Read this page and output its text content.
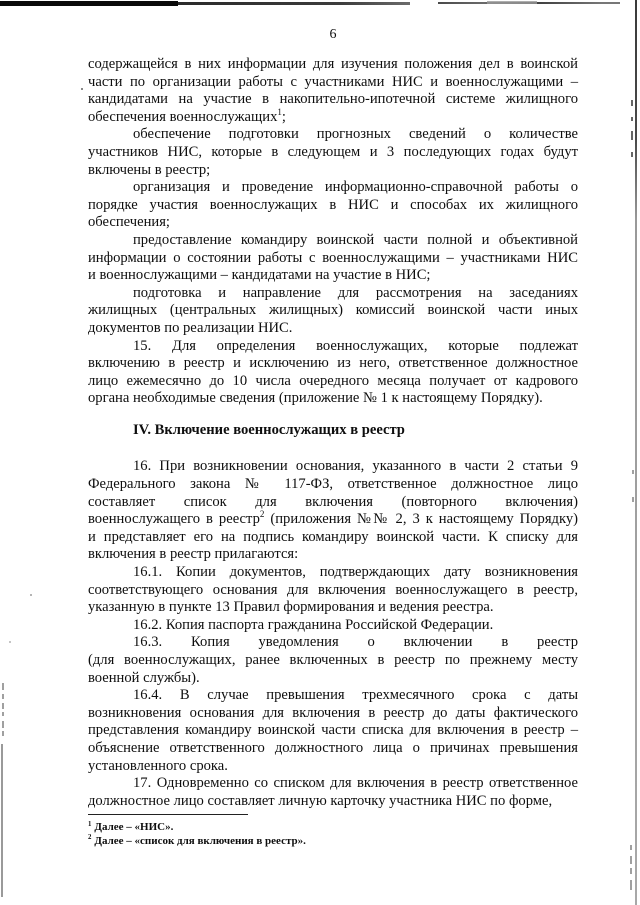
6
содержащейся в них информации для изучения положения дел в воинской
части по организации работы с участниками НИС и военнослужащими –
кандидатами на участие в накопительно-ипотечной системе жилищного
обеспечения военнослужащих$^1$;
обеспечение подготовки прогнозных сведений о количестве
участников НИС, которые в следующем и 3 последующих годах будут
включены в реестр;
организация и проведение информационно-справочной работы о
порядке участия военнослужащих в НИС и способах их жилищного
обеспечения;
предоставление командиру воинской части полной и объективной
информации о состоянии работы с военнослужащими – участниками НИС
и военнослужащими – кандидатами на участие в НИС;
подготовка и направление для рассмотрения на заседаниях
жилищных (центральных жилищных) комиссий воинской части иных
документов по реализации НИС.
15. Для определения военнослужащих, которые подлежат
включению в реестр и исключению из него, ответственное должностное
лицо ежемесячно до 10 числа очередного месяца получает от кадрового
органа необходимые сведения (приложение № 1 к настоящему Порядку).
IV. Включение военнослужащих в реестр
16. При возникновении основания, указанного в части 2 статьи 9
Федерального закона № 117-ФЗ, ответственное должностное лицо
составляет список для включения (повторного включения)
военнослужащего в реестр$^2$ (приложения №№ 2, 3 к настоящему Порядку)
и представляет его на подпись командиру воинской части. К списку для
включения в реестр прилагаются:
16.1. Копии документов, подтверждающих дату возникновения
соответствующего основания для включения военнослужащего в реестр,
указанную в пункте 13 Правил формирования и ведения реестра.
16.2. Копия паспорта гражданина Российской Федерации.
16.3. Копия уведомления о включении в реестр
(для военнослужащих, ранее включенных в реестр по прежнему месту
военной службы).
16.4. В случае превышения трехмесячного срока с даты
возникновения основания для включения в реестр до даты фактического
представления командиру воинской части списка для включения в реестр –
объяснение ответственного должностного лица о причинах превышения
установленного срока.
17. Одновременно со списком для включения в реестр ответственное
должностное лицо составляет личную карточку участника НИС по форме,
$^1$ Далее – «НИС».
$^2$ Далее – «список для включения в реестр».
